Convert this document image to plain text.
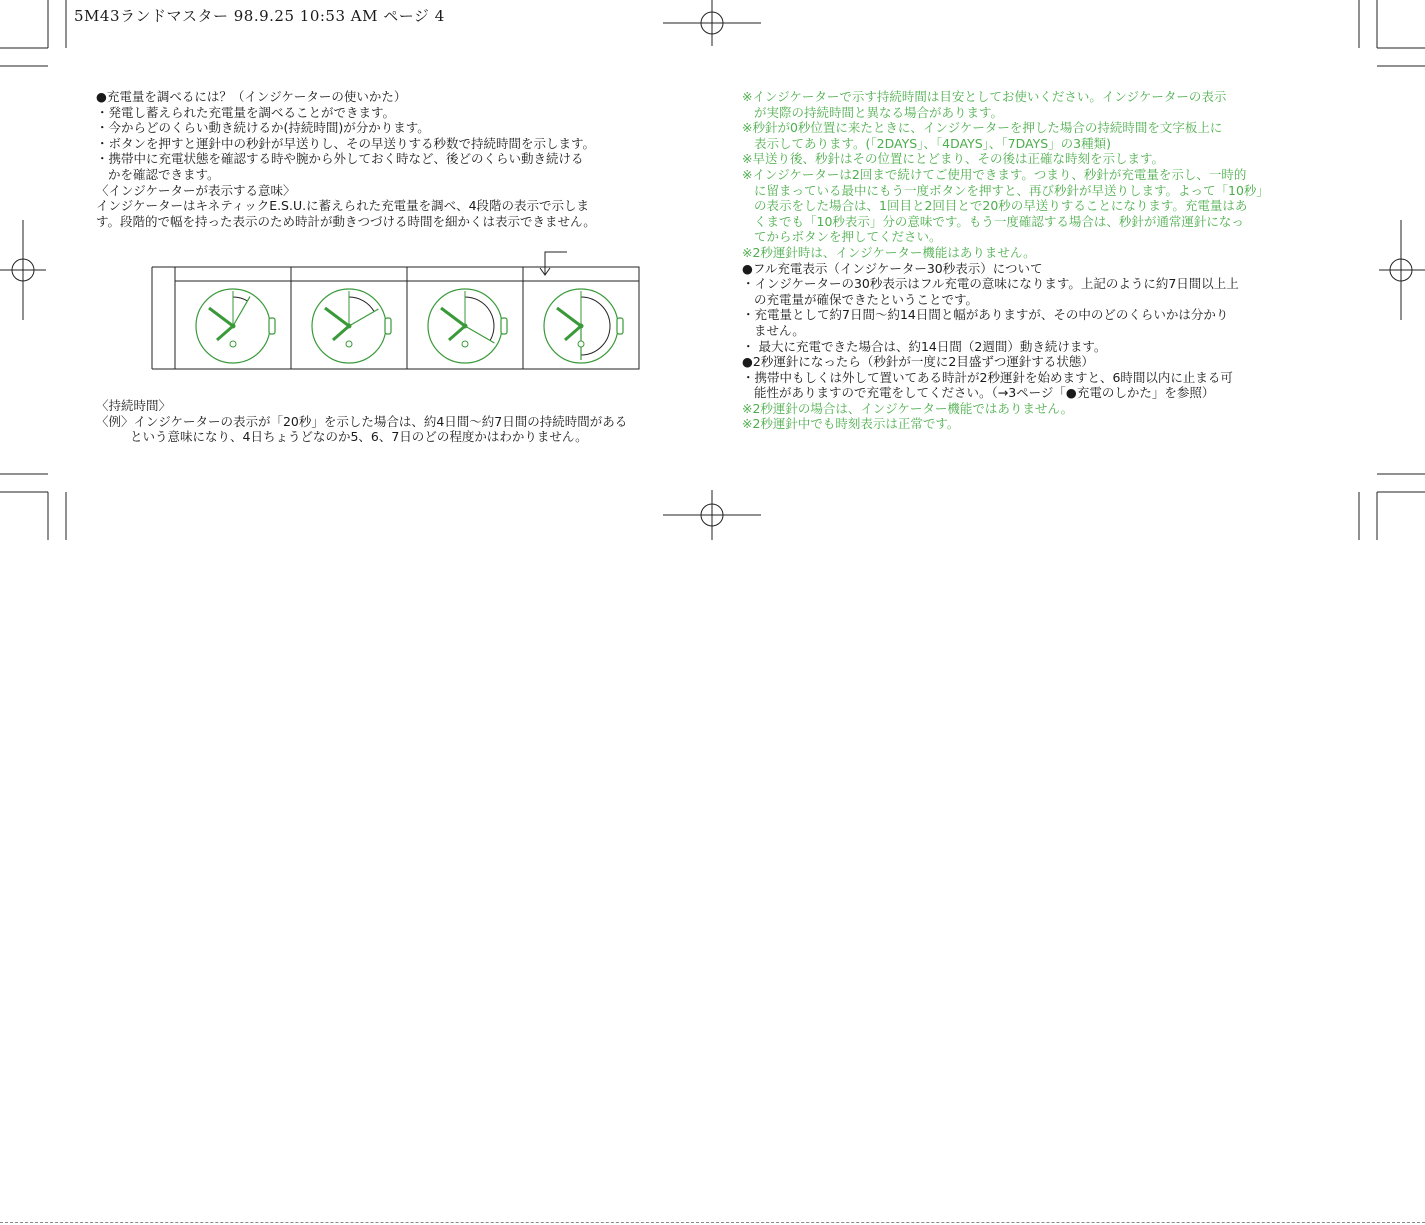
5M43ランドマスター 98.9.25 10:53 AM ページ 4
●充電量を調べるには？（インジケーターの使いかた）
・発電し蓄えられた充電量を調べることができます。
・今からどのくらい動き続けるか(持続時間)が分かります。
・ボタンを押すと運針中の秒針が早送りし、その早送りする秒数で持続時間を示します。
・携帯中に充電状態を確認する時や腕から外しておく時など、後どのくらい動き続ける
かを確認できます。
〈インジケーターが表示する意味〉
インジケーターはキネティックE.S.U.に蓄えられた充電量を調べ、4段階の表示で示しま
す。段階的で幅を持った表示のため時計が動きつづける時間を細かくは表示できません。
〈持続時間〉
〈例〉インジケーターの表示が「20秒」を示した場合は、約4日間〜約7日間の持続時間がある
という意味になり、4日ちょうどなのか5、6、7日のどの程度かはわかりません。
※インジケーターで示す持続時間は目安としてお使いください。インジケーターの表示
が実際の持続時間と異なる場合があります。
※秒針が0秒位置に来たときに、インジケーターを押した場合の持続時間を文字板上に
表示してあります。(「2DAYS」、「4DAYS」、「7DAYS」の3種類)
※早送り後、秒針はその位置にとどまり、その後は正確な時刻を示します。
※インジケーターは2回まで続けてご使用できます。つまり、秒針が充電量を示し、一時的
に留まっている最中にもう一度ボタンを押すと、再び秒針が早送りします。よって「10秒」
の表示をした場合は、1回目と2回目とで20秒の早送りすることになります。充電量はあ
くまでも「10秒表示」分の意味です。もう一度確認する場合は、秒針が通常運針になっ
てからボタンを押してください。
※2秒運針時は、インジケーター機能はありません。
●フル充電表示（インジケーター30秒表示）について
・インジケーターの30秒表示はフル充電の意味になります。上記のように約7日間以上上
の充電量が確保できたということです。
・充電量として約7日間〜約14日間と幅がありますが、その中のどのくらいかは分かり
ません。
・ 最大に充電できた場合は、約14日間（2週間）動き続けます。
●2秒運針になったら（秒針が一度に2目盛ずつ運針する状態）
・携帯中もしくは外して置いてある時計が2秒運針を始めますと、6時間以内に止まる可
能性がありますので充電をしてください。（→3ページ「●充電のしかた」を参照）
※2秒運針の場合は、インジケーター機能ではありません。
※2秒運針中でも時刻表示は正常です。
